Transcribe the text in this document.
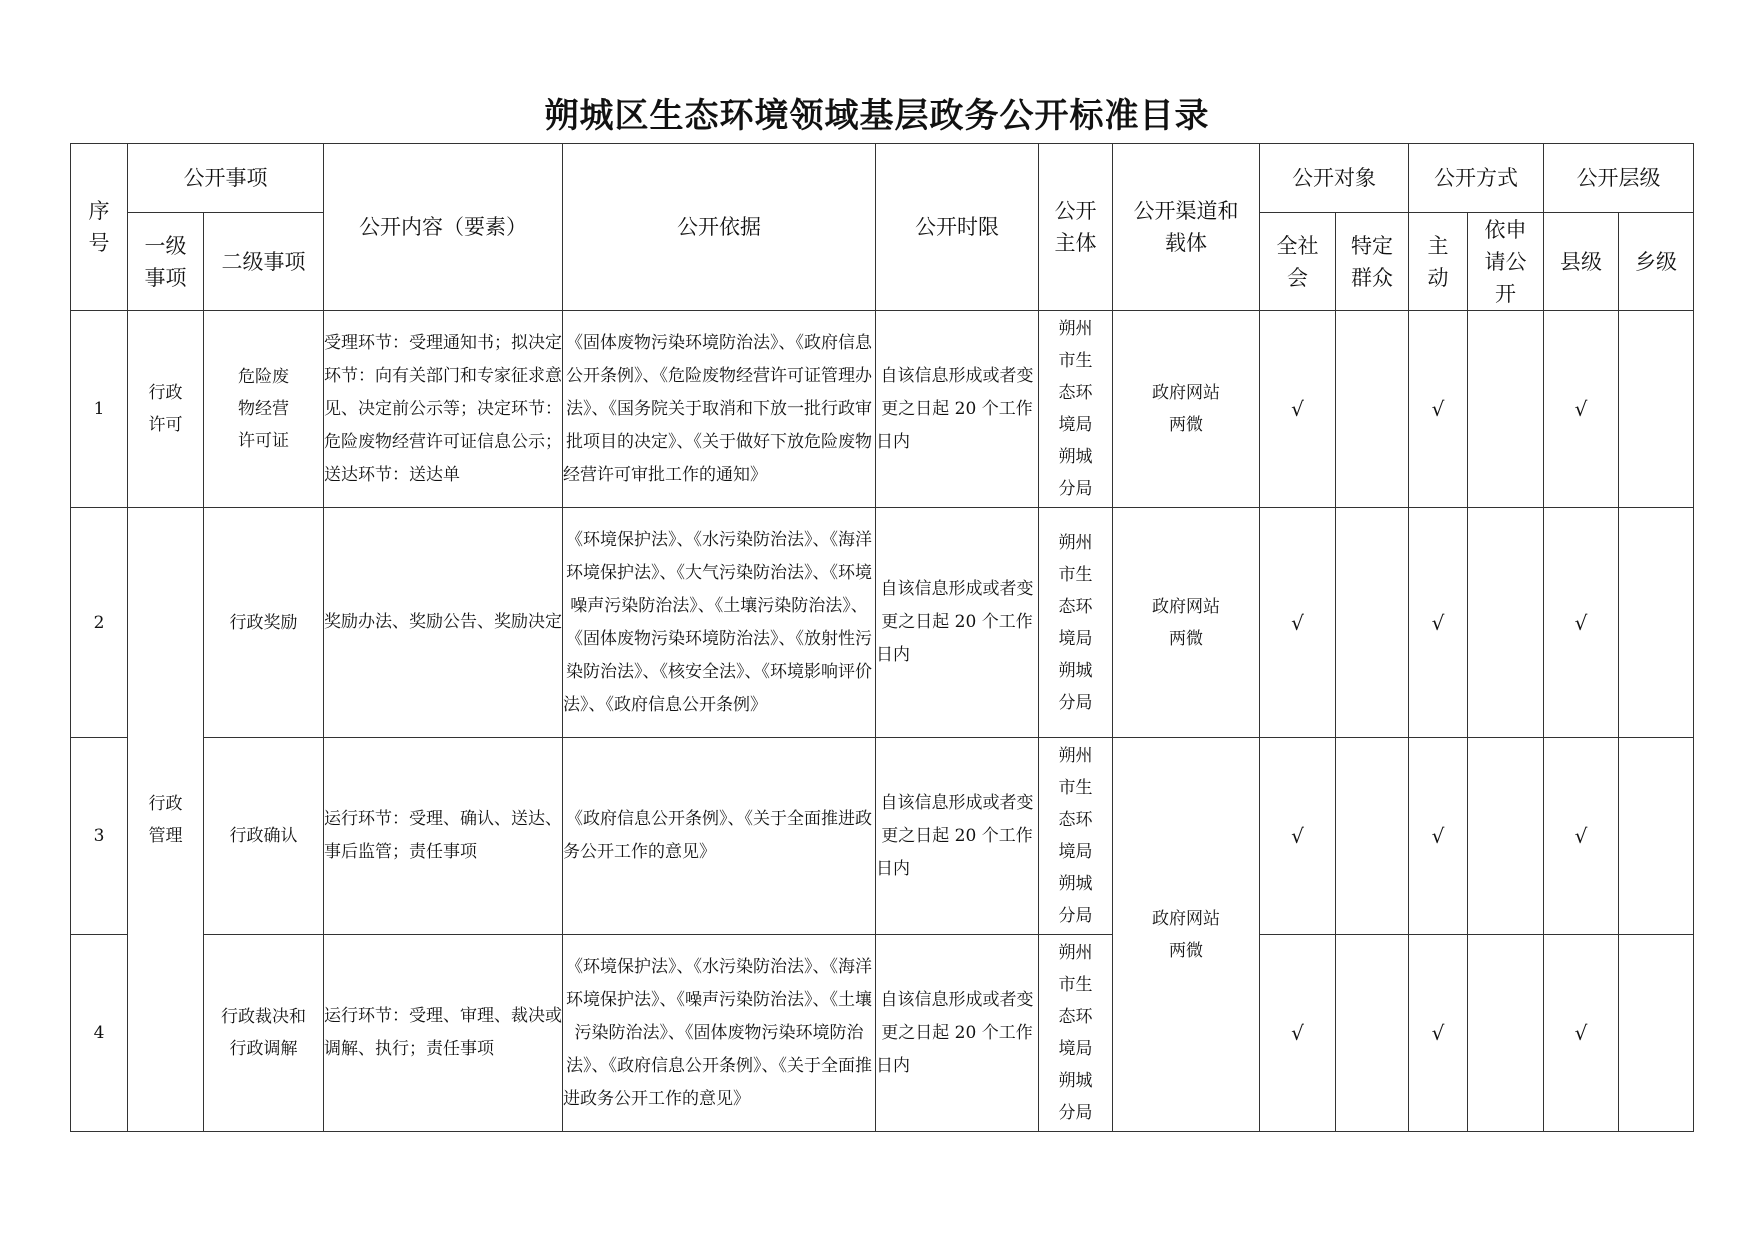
朔城区生态环境领域基层政务公开标准目录
序号	公开事项		公开内容（要素）	公开依据	公开时限	公开主体	公开渠道和载体	公开对象		公开方式		公开层级	
	一级事项	二级事项						全社会	特定群众	主动	依申请公开	县级	乡级
1	行政许可	危险废物经营许可证	受理环节：受理通知书；拟决定环节：向有关部门和专家征求意见、决定前公示等；决定环节：危险废物经营许可证信息公示；送达环节：送达单	《固体废物污染环境防治法》、《政府信息公开条例》、《危险废物经营许可证管理办法》、《国务院关于取消和下放一批行政审批项目的决定》、《关于做好下放危险废物经营许可审批工作的通知》	自该信息形成或者变更之日起 20 个工作日内	朔州市生态环境局朔城分局	政府网站两微	√		√		√	
2	行政管理	行政奖励	奖励办法、奖励公告、奖励决定	《环境保护法》、《水污染防治法》、《海洋环境保护法》、《大气污染防治法》、《环境噪声污染防治法》、《土壤污染防治法》、《固体废物污染环境防治法》、《放射性污染防治法》、《核安全法》、《环境影响评价法》、《政府信息公开条例》	自该信息形成或者变更之日起 20 个工作日内	朔州市生态环境局朔城分局	政府网站两微	√		√		√	
3		行政确认	运行环节：受理、确认、送达、事后监管；责任事项	《政府信息公开条例》、《关于全面推进政务公开工作的意见》	自该信息形成或者变更之日起 20 个工作日内	朔州市生态环境局朔城分局	政府网站两微	√		√		√	
4		行政裁决和行政调解	运行环节：受理、审理、裁决或调解、执行；责任事项	《环境保护法》、《水污染防治法》、《海洋环境保护法》、《噪声污染防治法》、《土壤污染防治法》、《固体废物污染环境防治法》、《政府信息公开条例》、《关于全面推进政务公开工作的意见》	自该信息形成或者变更之日起 20 个工作日内	朔州市生态环境局朔城分局		√		√		√	
